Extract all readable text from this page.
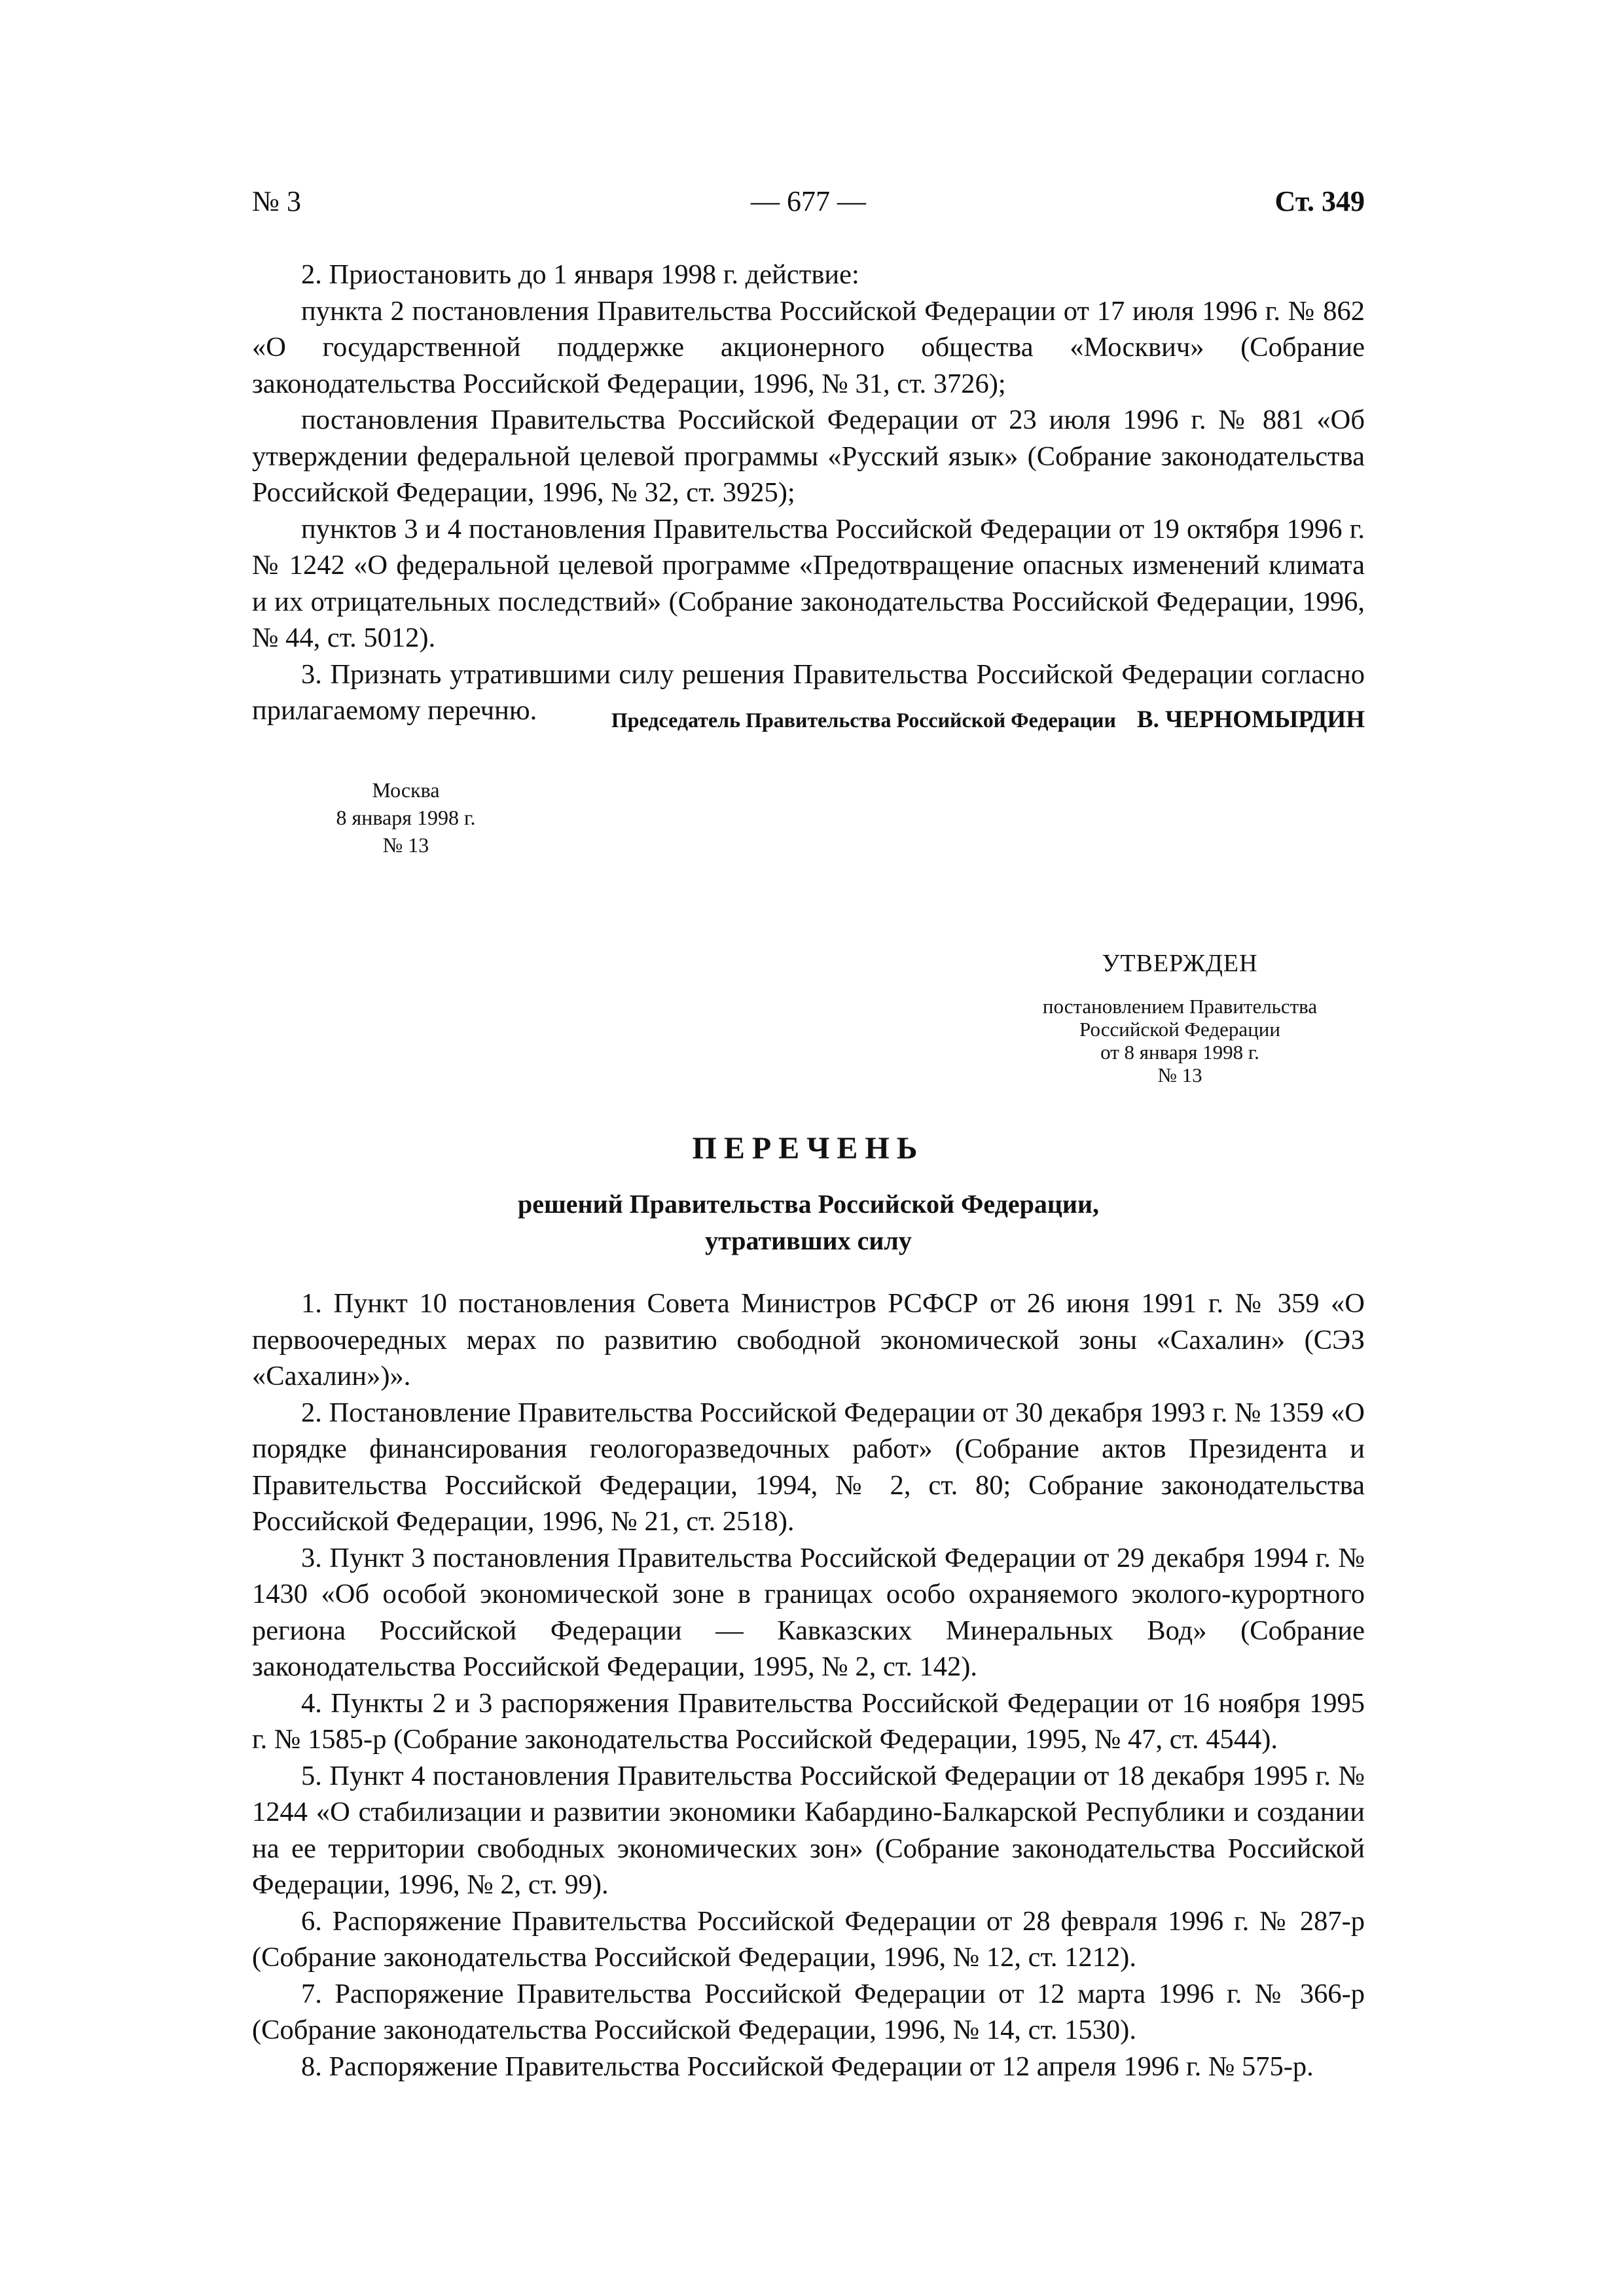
№ 3	— 677 —	Ст. 349

2. Приостановить до 1 января 1998 г. действие:

пункта 2 постановления Правительства Российской Федерации от 17 июля 1996 г. № 862 «О государственной поддержке акционерного общества «Москвич» (Собрание законодательства Российской Федерации, 1996, № 31, ст. 3726);

постановления Правительства Российской Федерации от 23 июля 1996 г. № 881 «Об утверждении федеральной целевой программы «Русский язык» (Собрание законодательства Российской Федерации, 1996, № 32, ст. 3925);

пунктов 3 и 4 постановления Правительства Российской Федерации от 19 октября 1996 г. № 1242 «О федеральной целевой программе «Предотвращение опасных изменений климата и их отрицательных последствий» (Собрание законодательства Российской Федерации, 1996, № 44, ст. 5012).

3. Признать утратившими силу решения Правительства Российской Федерации согласно прилагаемому перечню.	Председатель Правительства Российской Федерации В. ЧЕРНОМЫРДИН
Москва
8 января 1998 г.
№ 13
УТВЕРЖДЕН
постановлением Правительства
Российской Федерации
от 8 января 1998 г.
№ 13
ПЕРЕЧЕНЬ
решений Правительства Российской Федерации,
утративших силу

1. Пункт 10 постановления Совета Министров РСФСР от 26 июня 1991 г. № 359 «О первоочередных мерах по развитию свободной экономической зоны «Сахалин» (СЭЗ «Сахалин»)».

2. Постановление Правительства Российской Федерации от 30 декабря 1993 г. № 1359 «О порядке финансирования геологоразведочных работ» (Собрание актов Президента и Правительства Российской Федерации, 1994, № 2, ст. 80; Собрание законодательства Российской Федерации, 1996, № 21, ст. 2518).

3. Пункт 3 постановления Правительства Российской Федерации от 29 декабря 1994 г. № 1430 «Об особой экономической зоне в границах особо охраняемого эколого-курортного региона Российской Федерации — Кавказских Минеральных Вод» (Собрание законодательства Российской Федерации, 1995, № 2, ст. 142).

4. Пункты 2 и 3 распоряжения Правительства Российской Федерации от 16 ноября 1995 г. № 1585-р (Собрание законодательства Российской Федерации, 1995, № 47, ст. 4544).

5. Пункт 4 постановления Правительства Российской Федерации от 18 декабря 1995 г. № 1244 «О стабилизации и развитии экономики Кабардино-Балкарской Республики и создании на ее территории свободных экономических зон» (Собрание законодательства Российской Федерации, 1996, № 2, ст. 99).

6. Распоряжение Правительства Российской Федерации от 28 февраля 1996 г. № 287-р (Собрание законодательства Российской Федерации, 1996, № 12, ст. 1212).

7. Распоряжение Правительства Российской Федерации от 12 марта 1996 г. № 366-р (Собрание законодательства Российской Федерации, 1996, № 14, ст. 1530).

8. Распоряжение Правительства Российской Федерации от 12 апреля 1996 г. № 575-р.
